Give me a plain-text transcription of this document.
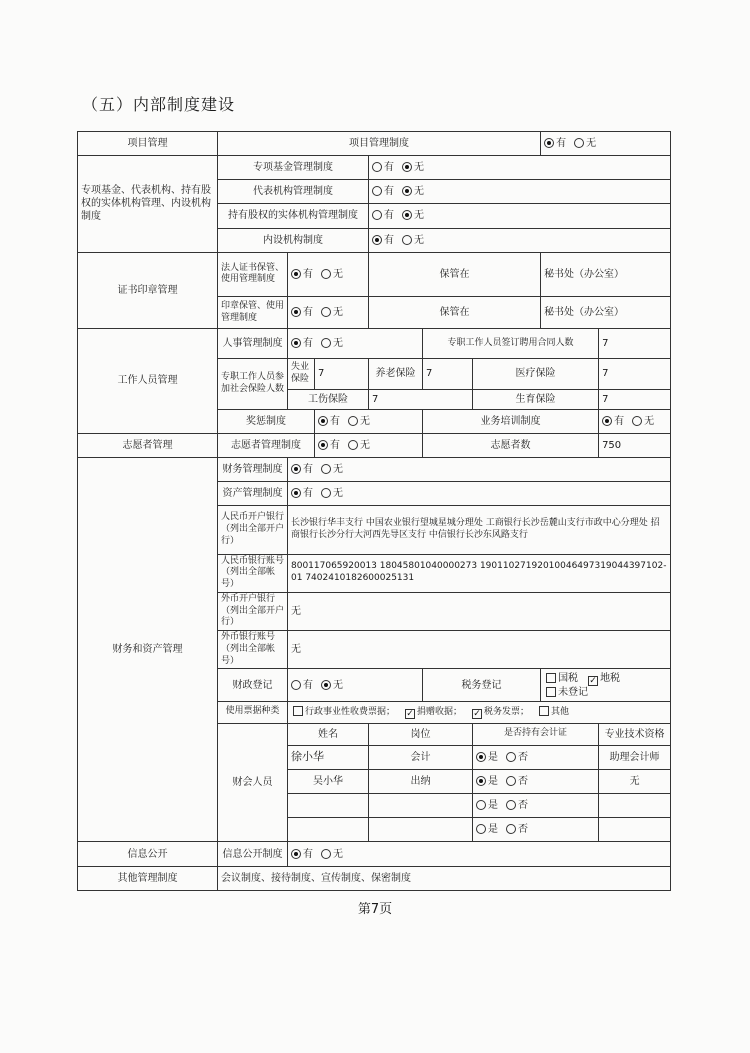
（五）内部制度建设
项目管理	项目管理制度						有 无	
专项基金、代表机构、持有股权的实体机构管理、内设机构制度	专项基金管理制度			有 无				
	代表机构管理制度			有 无				
	持有股权的实体机构管理制度			有 无				
	内设机构制度			有 无				
证书印章管理	法人证书保管、使用管理制度	有 无		保管在			秘书处（办公室）	
	印章保管、使用管理制度	有 无		保管在			秘书处（办公室）	
工作人员管理	人事管理制度	有 无			专职工作人员签订聘用合同人数			7
	专职工作人员参加社会保险人数	失业保险	7	养老保险	7	医疗保险		7
		工伤保险		7		生育保险		7
	奖惩制度		有 无		业务培训制度			有 无
志愿者管理	志愿者管理制度		有 无		志愿者数			750
财务和资产管理	财务管理制度	有 无						
	资产管理制度	有 无						
	人民币开户银行（列出全部开户行）	长沙银行华丰支行 中国农业银行望城星城分理处 工商银行长沙岳麓山支行市政中心分理处 招商银行长沙分行大河西先导区支行 中信银行长沙东风路支行						
	人民币银行账号（列出全部帐号）	800117065920013 18045801040000273 1901102719201004649731904439710201 7402410182600025131						
	外币开户银行（列出全部开户行）	无						
	外币银行账号（列出全部帐号）	无						
	财政登记	有 无			税务登记		国税 ✓ 地税未登记	
	使用票据种类	行政事业性收费票据； ✓ 捐赠收据； ✓ 税务发票； 其他						
	财会人员	姓名		岗位		是否持有会计证		专业技术资格
		徐小华		会计		是 否		助理会计师
		吴小华		出纳		是 否		无
						是 否		
						是 否		
信息公开	信息公开制度	有 无						
其他管理制度	会议制度、接待制度、宣传制度、保密制度							
第7页
